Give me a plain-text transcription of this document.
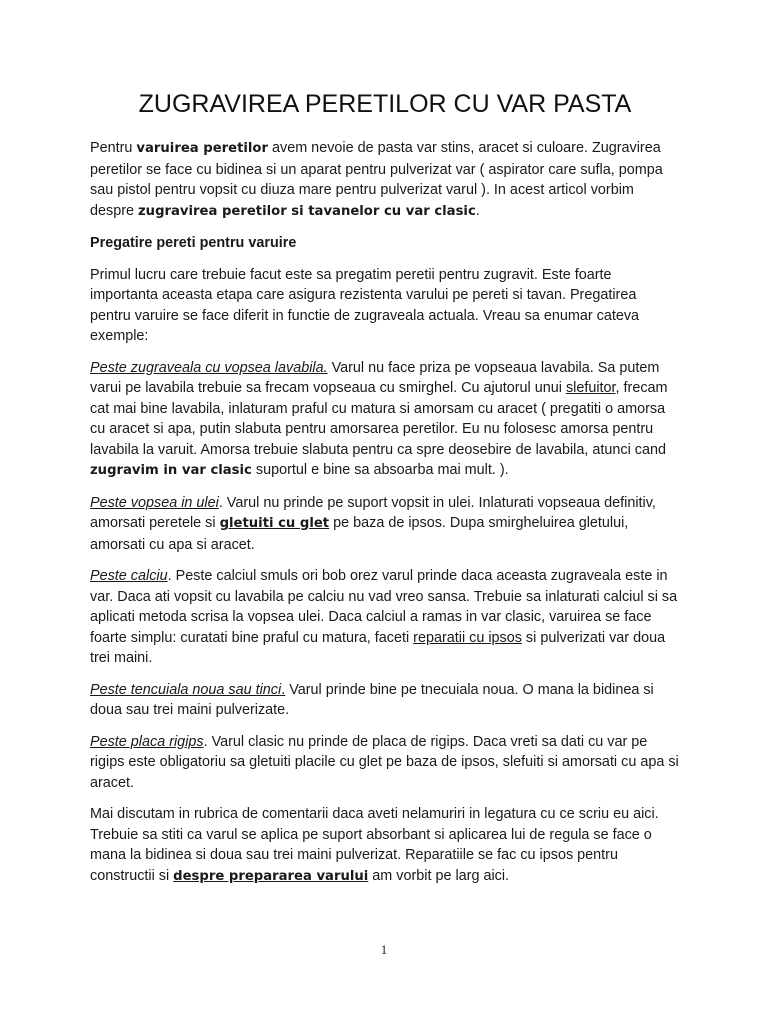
ZUGRAVIREA PERETILOR CU VAR PASTA

Pentru varuirea peretilor avem nevoie de pasta var stins, aracet si culoare. Zugravirea peretilor se face cu bidinea si un aparat pentru pulverizat var ( aspirator care sufla, pompa sau pistol pentru vopsit cu diuza mare pentru pulverizat varul ). In acest articol vorbim despre zugravirea peretilor si tavanelor cu var clasic.

Pregatire pereti pentru varuire

Primul lucru care trebuie facut este sa pregatim peretii pentru zugravit. Este foarte importanta aceasta etapa care asigura rezistenta varului pe pereti si tavan. Pregatirea pentru varuire se face diferit in functie de zugraveala actuala. Vreau sa enumar cateva exemple:

Peste zugraveala cu vopsea lavabila. Varul nu face priza pe vopseaua lavabila. Sa putem varui pe lavabila trebuie sa frecam vopseaua cu smirghel. Cu ajutorul unui slefuitor, frecam cat mai bine lavabila, inlaturam praful cu matura si amorsam cu aracet ( pregatiti o amorsa cu aracet si apa, putin slabuta pentru amorsarea peretilor. Eu nu folosesc amorsa pentru lavabila la varuit. Amorsa trebuie slabuta pentru ca spre deosebire de lavabila, atunci cand zugravim in var clasic suportul e bine sa absoarba mai mult. ).

Peste vopsea in ulei. Varul nu prinde pe suport vopsit in ulei. Inlaturati vopseaua definitiv, amorsati peretele si gletuiti cu glet pe baza de ipsos. Dupa smirgheluirea gletului, amorsati cu apa si aracet.

Peste calciu. Peste calciul smuls ori bob orez varul prinde daca aceasta zugraveala este in var. Daca ati vopsit cu lavabila pe calciu nu vad vreo sansa. Trebuie sa inlaturati calciul si sa aplicati metoda scrisa la vopsea ulei. Daca calciul a ramas in var clasic, varuirea se face foarte simplu: curatati bine praful cu matura, faceti reparatii cu ipsos si pulverizati var doua trei maini.

Peste tencuiala noua sau tinci. Varul prinde bine pe tnecuiala noua. O mana la bidinea si doua sau trei maini pulverizate.

Peste placa rigips. Varul clasic nu prinde de placa de rigips. Daca vreti sa dati cu var pe rigips este obligatoriu sa gletuiti placile cu glet pe baza de ipsos, slefuiti si amorsati cu apa si aracet.

Mai discutam in rubrica de comentarii daca aveti nelamuriri in legatura cu ce scriu eu aici. Trebuie sa stiti ca varul se aplica pe suport absorbant si aplicarea lui de regula se face o mana la bidinea si doua sau trei maini pulverizat. Reparatiile se fac cu ipsos pentru constructii si despre prepararea varului am vorbit pe larg aici.

1
